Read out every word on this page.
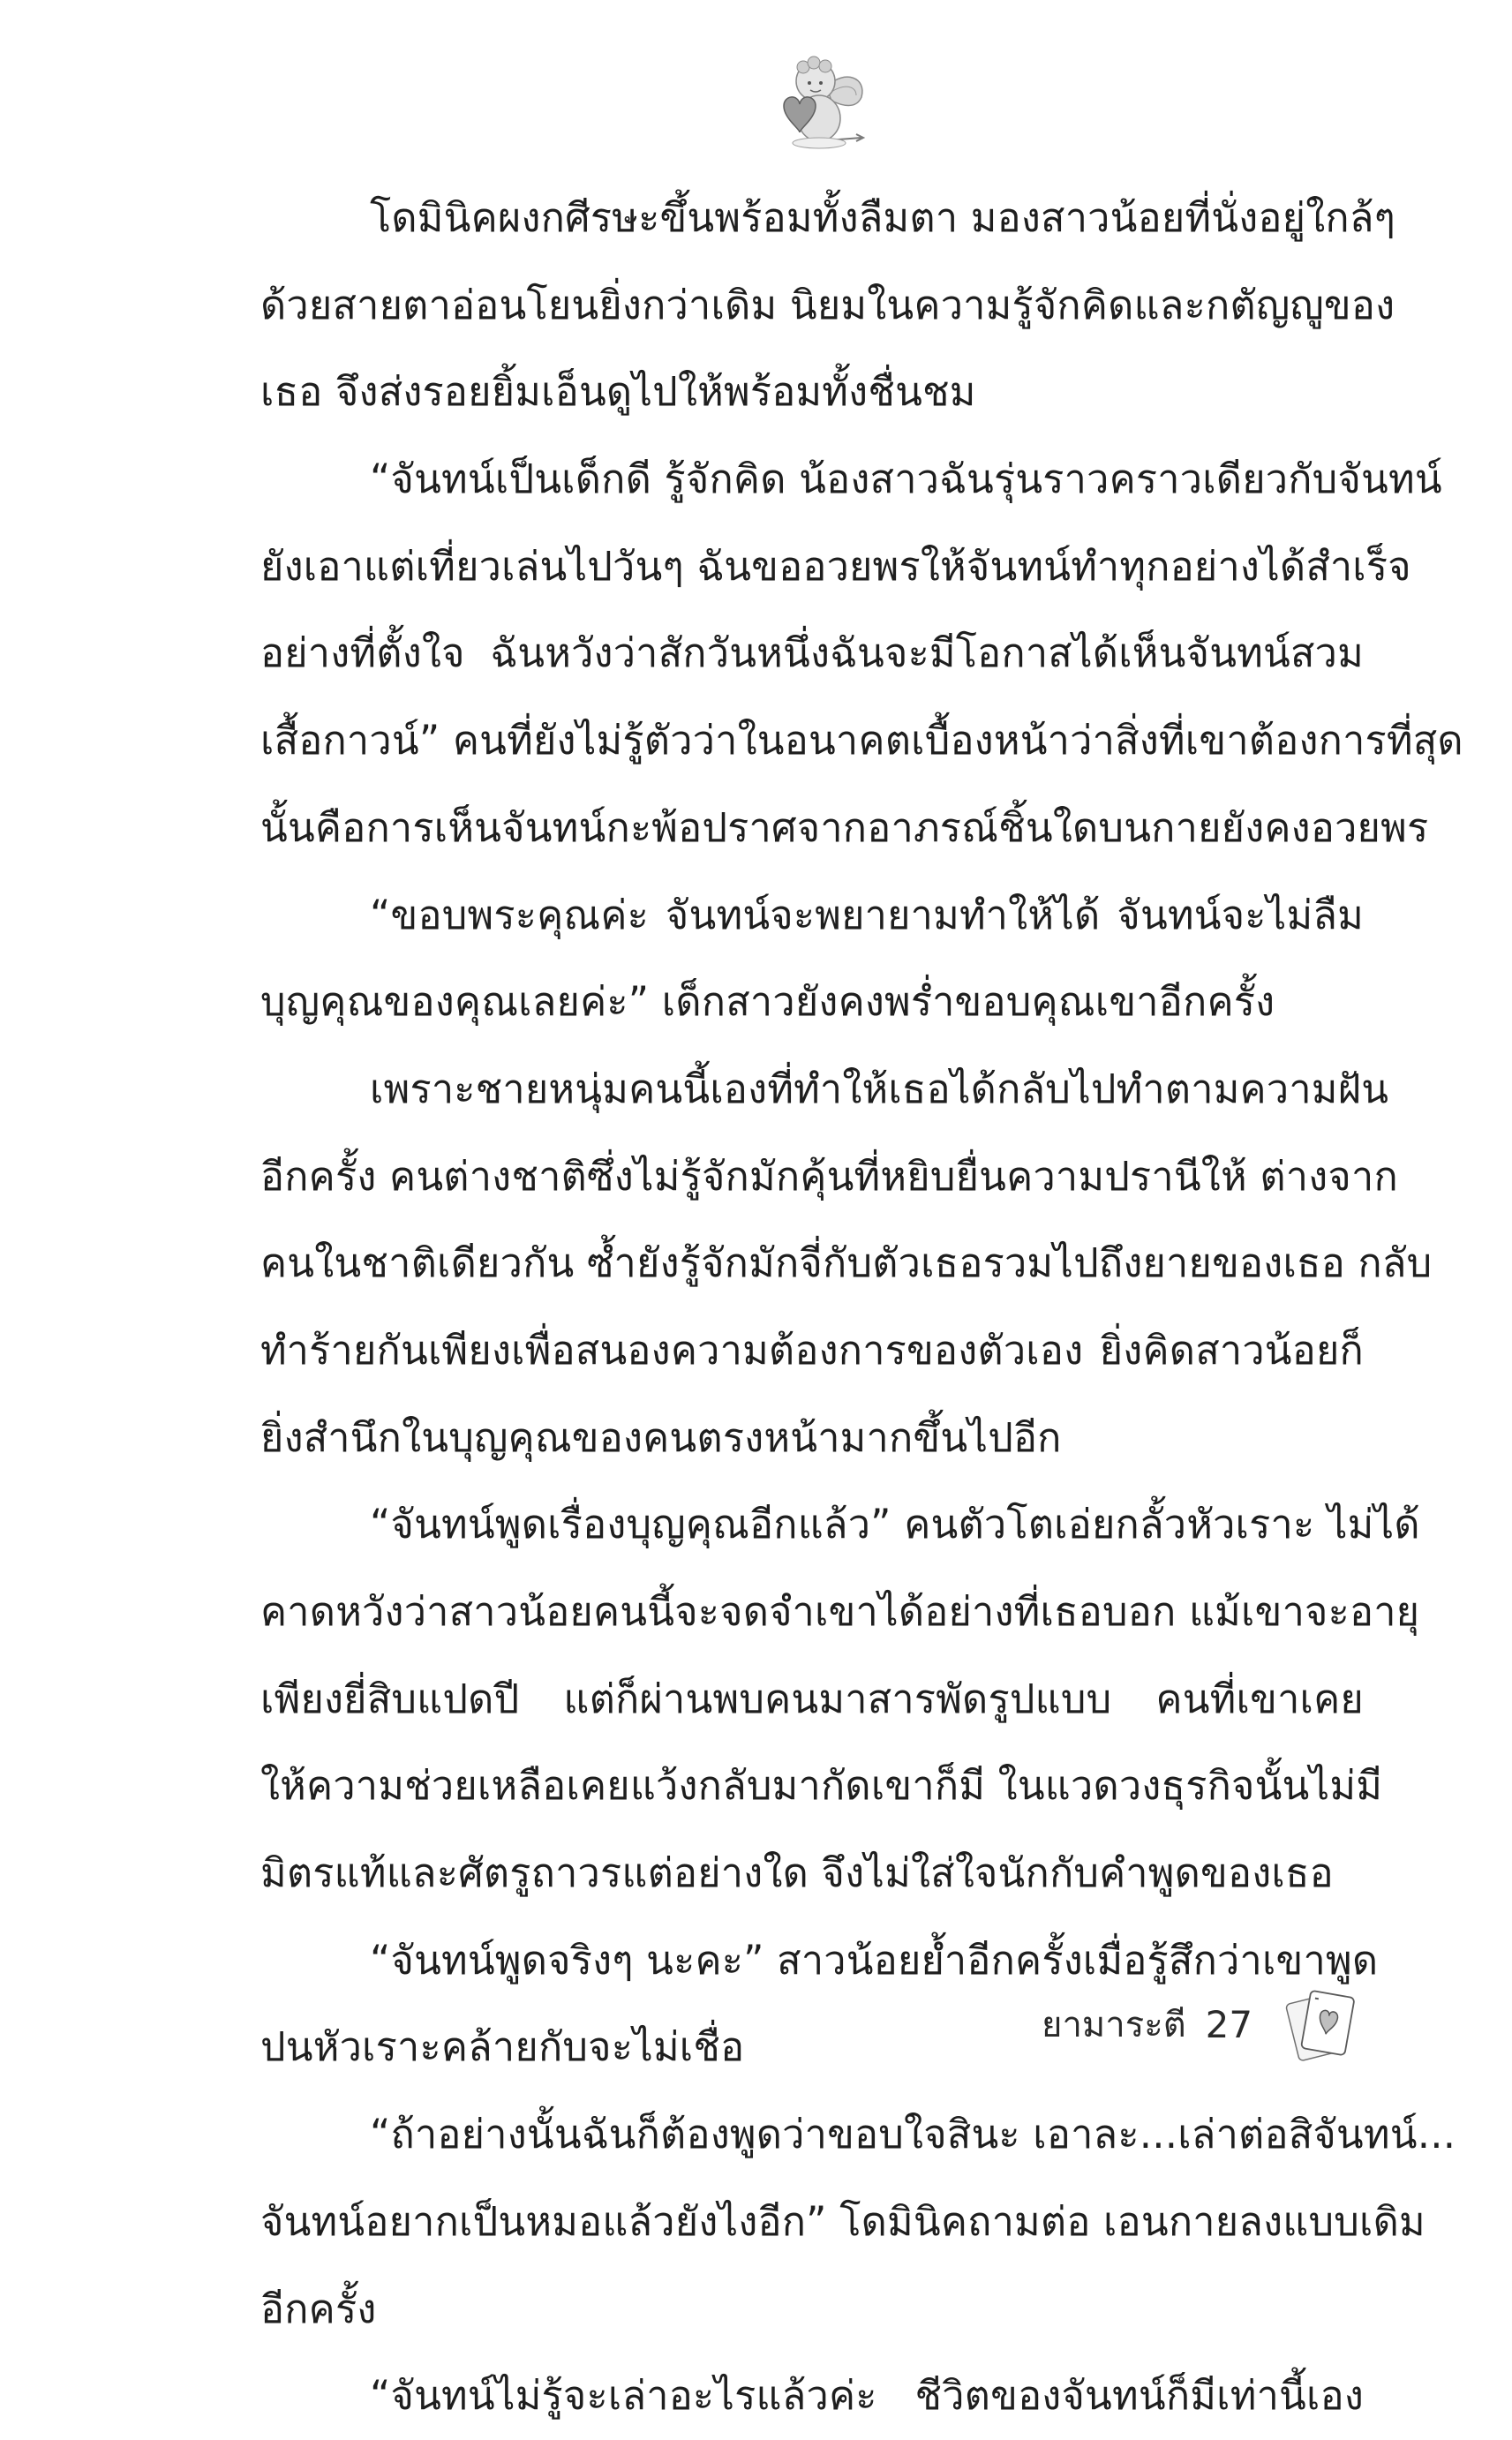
โดมินิคผงกศีรษะขึ้นพร้อมทั้งลืมตา มองสาวน้อยที่นั่งอยู่ใกล้ๆ
ด้วยสายตาอ่อนโยนยิ่งกว่าเดิม นิยมในความรู้จักคิดและกตัญญูของ
เธอ จึงส่งรอยยิ้มเอ็นดูไปให้พร้อมทั้งชื่นชม
“จันทน์เป็นเด็กดี รู้จักคิด น้องสาวฉันรุ่นราวคราวเดียวกับจันทน์
ยังเอาแต่เที่ยวเล่นไปวันๆ ฉันขออวยพรให้จันทน์ทำทุกอย่างได้สำเร็จ
อย่างที่ตั้งใจ ฉันหวังว่าสักวันหนึ่งฉันจะมีโอกาสได้เห็นจันทน์สวม
เสื้อกาวน์” คนที่ยังไม่รู้ตัวว่าในอนาคตเบื้องหน้าว่าสิ่งที่เขาต้องการที่สุด
นั้นคือการเห็นจันทน์กะพ้อปราศจากอาภรณ์ชิ้นใดบนกายยังคงอวยพร
“ขอบพระคุณค่ะ จันทน์จะพยายามทำให้ได้ จันทน์จะไม่ลืม
บุญคุณของคุณเลยค่ะ” เด็กสาวยังคงพร่ำขอบคุณเขาอีกครั้ง
เพราะชายหนุ่มคนนี้เองที่ทำให้เธอได้กลับไปทำตามความฝัน
อีกครั้ง คนต่างชาติซึ่งไม่รู้จักมักคุ้นที่หยิบยื่นความปรานีให้ ต่างจาก
คนในชาติเดียวกัน ซ้ำยังรู้จักมักจี่กับตัวเธอรวมไปถึงยายของเธอ กลับ
ทำร้ายกันเพียงเพื่อสนองความต้องการของตัวเอง ยิ่งคิดสาวน้อยก็
ยิ่งสำนึกในบุญคุณของคนตรงหน้ามากขึ้นไปอีก
“จันทน์พูดเรื่องบุญคุณอีกแล้ว” คนตัวโตเอ่ยกลั้วหัวเราะ ไม่ได้
คาดหวังว่าสาวน้อยคนนี้จะจดจำเขาได้อย่างที่เธอบอก แม้เขาจะอายุ
เพียงยี่สิบแปดปี แต่ก็ผ่านพบคนมาสารพัดรูปแบบ คนที่เขาเคย
ให้ความช่วยเหลือเคยแว้งกลับมากัดเขาก็มี ในแวดวงธุรกิจนั้นไม่มี
มิตรแท้และศัตรูถาวรแต่อย่างใด จึงไม่ใส่ใจนักกับคำพูดของเธอ
“จันทน์พูดจริงๆ นะคะ” สาวน้อยย้ำอีกครั้งเมื่อรู้สึกว่าเขาพูด
ปนหัวเราะคล้ายกับจะไม่เชื่อ
“ถ้าอย่างนั้นฉันก็ต้องพูดว่าขอบใจสินะ เอาละ...เล่าต่อสิจันทน์...
จันทน์อยากเป็นหมอแล้วยังไงอีก” โดมินิคถามต่อ เอนกายลงแบบเดิม
อีกครั้ง
“จันทน์ไม่รู้จะเล่าอะไรแล้วค่ะ ชีวิตของจันทน์ก็มีเท่านี้เอง
ยามาระตี 27
